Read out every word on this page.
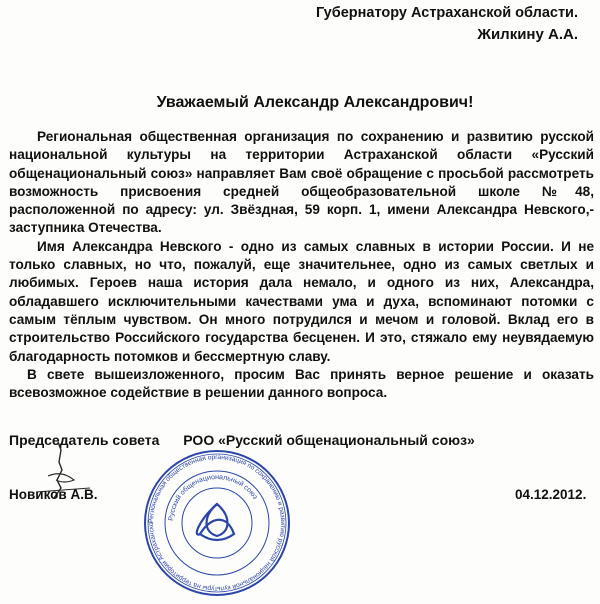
Губернатору Астраханской области.
Жилкину А.А.
Уважаемый Александр Александрович!

Региональная общественная организация по сохранению и развитию русской национальной культуры на территории Астраханской области «Русский общенациональный союз» направляет Вам своё обращение с просьбой рассмотреть возможность присвоения средней общеобразовательной школе №48, расположенной по адресу: ул. Звёздная, 59 корп. 1, имени Александра Невского,- заступника Отечества.

Имя Александра Невского - одно из самых славных в истории России. И не только славных, но что, пожалуй, еще значительнее, одно из самых светлых и любимых. Героев наша история дала немало, и одного из них, Александра, обладавшего исключительными качествами ума и духа, вспоминают потомки с самым тёплым чувством. Он много потрудился и мечом и головой. Вклад его в строительство Российского государства бесценен. И это, стяжало ему неувядаемую благодарность потомков и бессмертную славу.

В свете вышеизложенного, просим Вас принять верное решение и оказать всевозможное содействие в решении данного вопроса.

Председатель совета РОО «Русский общенациональный союз»
Новиков А.В.	04.12.2012.
Региональная общественная организация по сохранению и развитию русской национальной культуры на территории Астраханско
Русский общенациональный союз
